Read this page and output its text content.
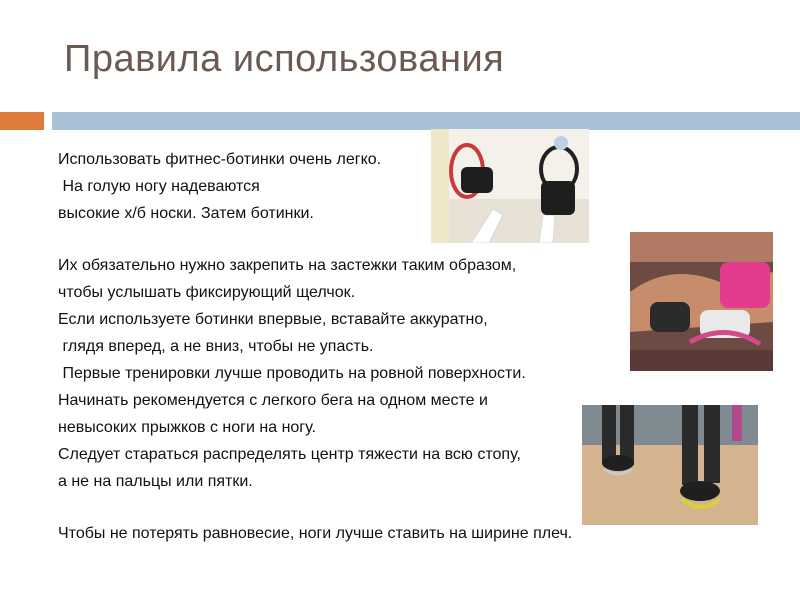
Правила использования
Использовать фитнес-ботинки очень легко.
На голую ногу надеваются
высокие х/б носки. Затем ботинки.
Их обязательно нужно закрепить на застежки таким образом,
чтобы услышать фиксирующий щелчок.
Если используете ботинки впервые, вставайте аккуратно,
глядя вперед, а не вниз, чтобы не упасть.
Первые тренировки лучше проводить на ровной поверхности.
Начинать рекомендуется с легкого бега на одном месте и
невысоких прыжков с ноги на ногу.
Следует стараться распределять центр тяжести на всю стопу,
а не на пальцы или пятки.
Чтобы не потерять равновесие, ноги лучше ставить на ширине плеч.
